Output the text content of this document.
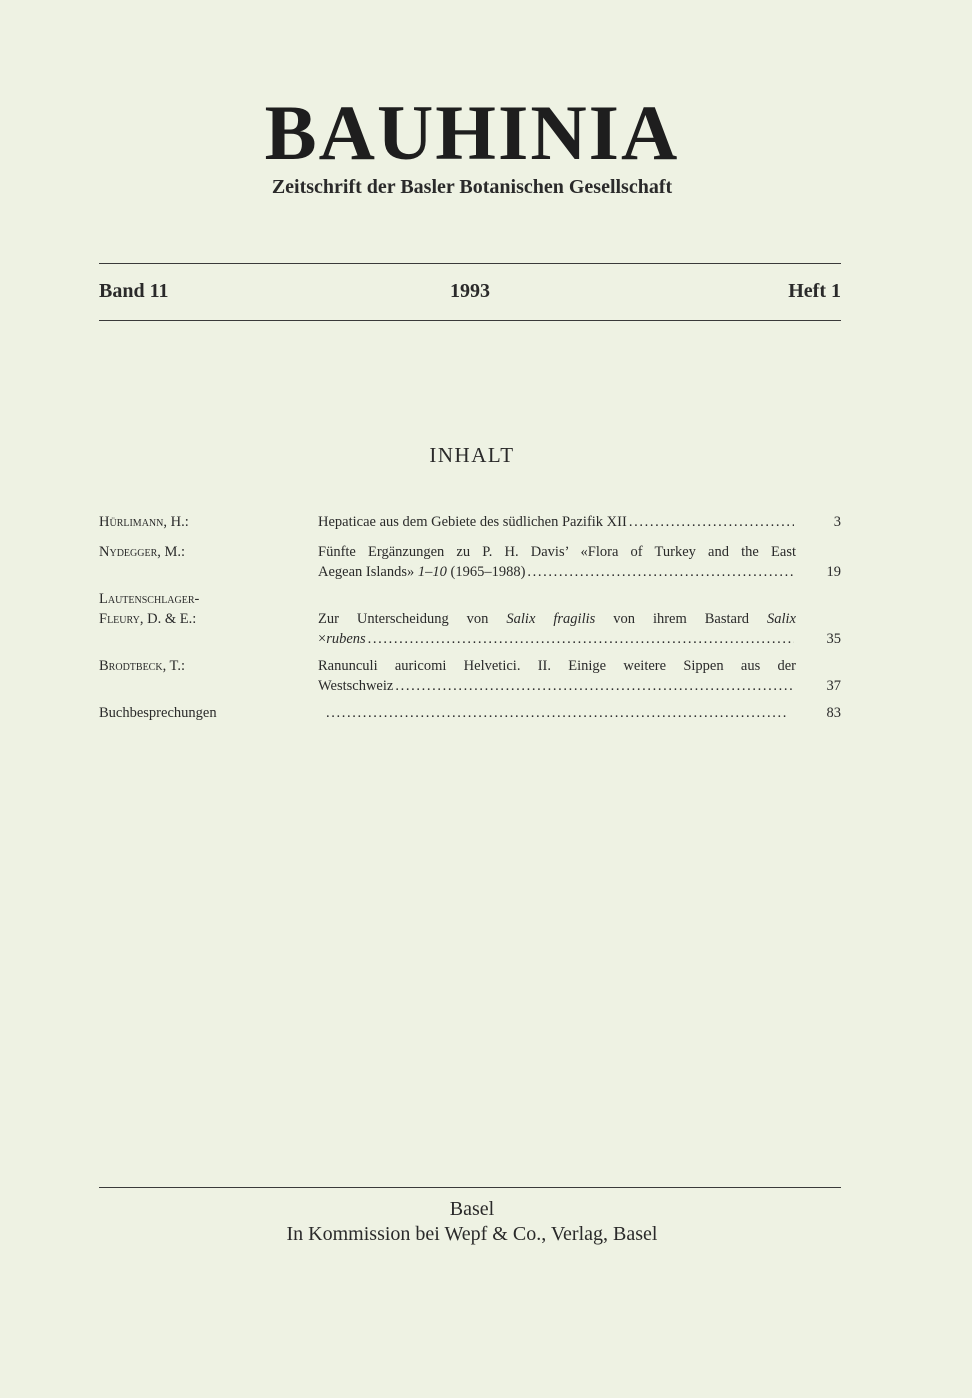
BAUHINIA
Zeitschrift der Basler Botanischen Gesellschaft
Band 11	1993	Heft 1
INHALT
Hürlimann, H.:	Hepaticae aus dem Gebiete des südlichen Pazifik XII . . .	3
Nydegger, M.:	Fünfte Ergänzungen zu P. H. Davis’ «Flora of Turkey and the East
Aegean Islands»
1–10
(1965–1988) . . .	19
Lautenschlager-
Fleury, D. & E.:	Zur Unterscheidung von Salix fragilis von ihrem Bastard Salix
× rubens . . .	35
Brodtbeck, T.:	Ranunculi auricomi Helvetici. II. Einige weitere Sippen aus der
Westschweiz . . .	37
Buchbesprechungen . . .	83
Basel
In Kommission bei Wepf & Co., Verlag, Basel
